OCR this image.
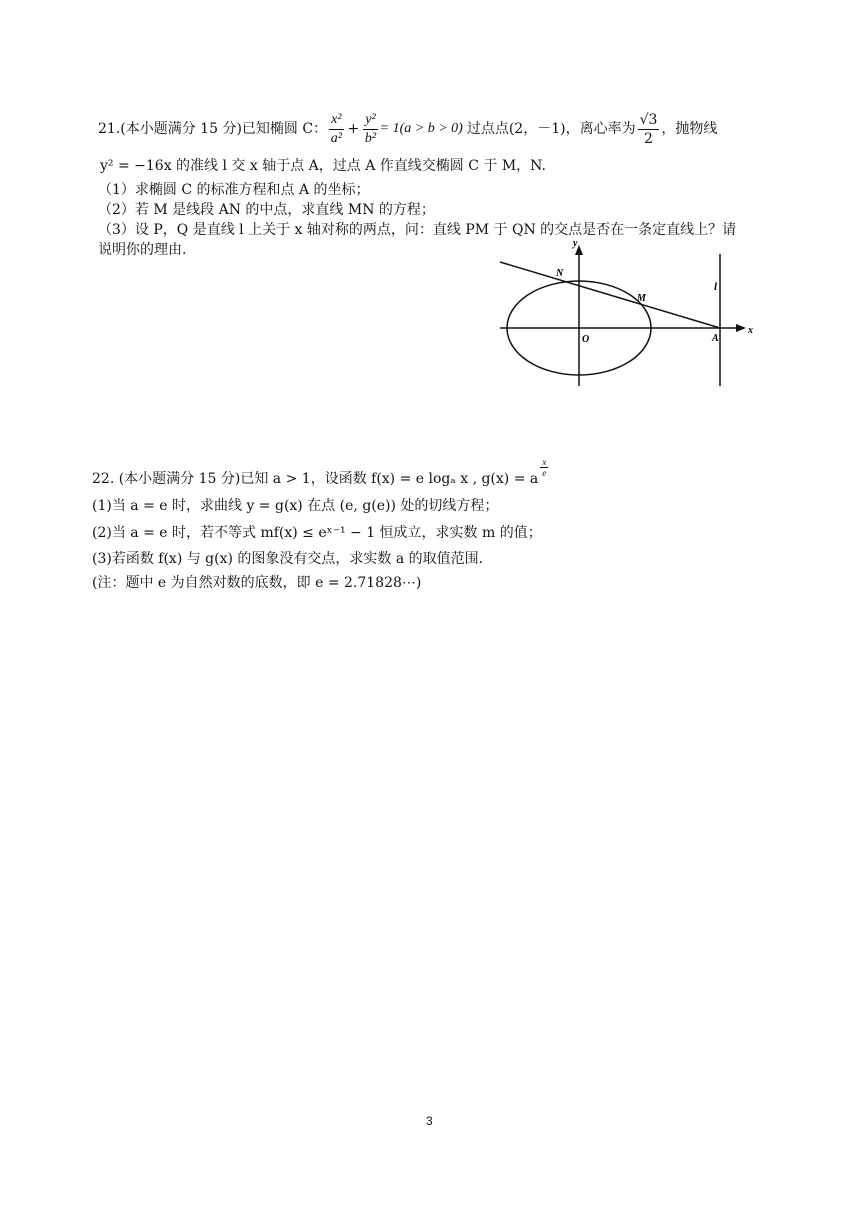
21.(本小题满分 15 分)已知椭圆 C： $\frac{\text{x²}}{\text{a²}} + \frac{\text{y²}}{\text{b²}} = 1(a > b > 0)$ 过点点(2，－1)，离心率为 $\frac{√3}{2}$ ，抛物线
y² = −16x 的准线 l 交 x 轴于点 A，过点 A 作直线交椭圆 C 于 M，N.
（1）求椭圆 C 的标准方程和点 A 的坐标；
（2）若 M 是线段 AN 的中点，求直线 MN 的方程；
（3）设 P，Q 是直线 l 上关于 x 轴对称的两点，问：直线 PM 于 QN 的交点是否在一条定直线上？请
说明你的理由.	y
x
N
M
O	A
l
22. (本小题满分 15 分)已知 a > 1，设函数 f(x) = e logₐ x , g(x) = a
$\frac{x}{e}$
(1)当 a = e 时，求曲线 y = g(x) 在点 (e, g(e)) 处的切线方程；
(2)当 a = e 时，若不等式 mf(x) ≤ eˣ⁻¹ − 1 恒成立，求实数 m 的值；
(3)若函数 f(x) 与 g(x) 的图象没有交点，求实数 a 的取值范围.
(注：题中 e 为自然对数的底数，即 e = 2.71828⋯)
3
